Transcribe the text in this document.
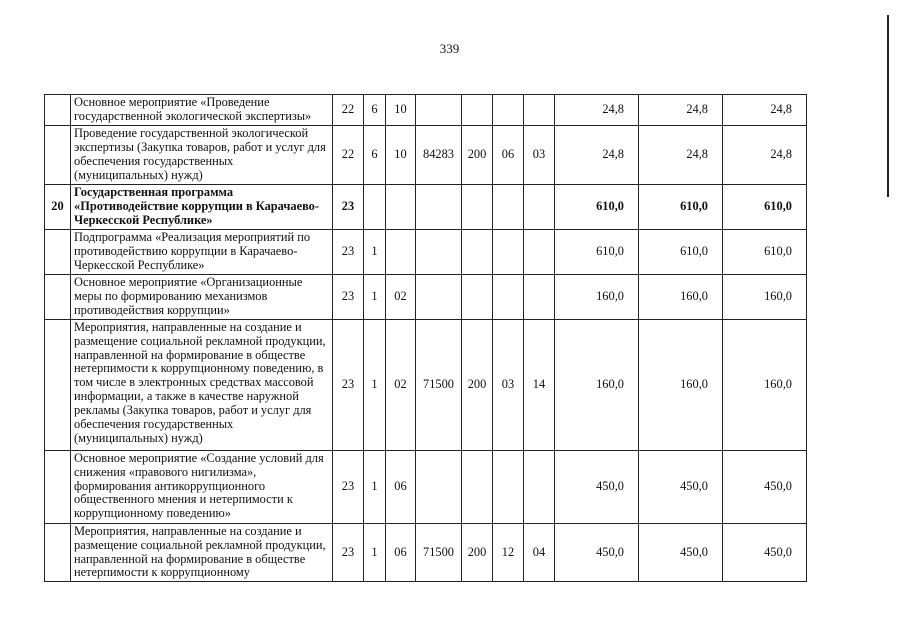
339
	Основное мероприятие «Проведение государственной экологической экспертизы»	22	6	10					24,8	24,8	24,8
	Проведение государственной экологической экспертизы (Закупка товаров, работ и услуг для обеспечения государственных (муниципальных) нужд)	22	6	10	84283	200	06	03	24,8	24,8	24,8
20	Государственная программа «Противодействие коррупции в Карачаево-Черкесской Республике»	23							610,0	610,0	610,0
	Подпрограмма «Реализация мероприятий по противодействию коррупции в Карачаево-Черкесской Республике»	23	1						610,0	610,0	610,0
	Основное мероприятие «Организационные меры по формированию механизмов противодействия коррупции»	23	1	02					160,0	160,0	160,0
	Мероприятия, направленные на создание и размещение социальной рекламной продукции, направленной на формирование в обществе нетерпимости к коррупционному поведению, в том числе в электронных средствах массовой информации, а также в качестве наружной рекламы (Закупка товаров, работ и услуг для обеспечения государственных (муниципальных) нужд)	23	1	02	71500	200	03	14	160,0	160,0	160,0
	Основное мероприятие «Создание условий для снижения «правового нигилизма», формирования антикоррупционного общественного мнения и нетерпимости к коррупционному поведению»	23	1	06					450,0	450,0	450,0
	Мероприятия, направленные на создание и размещение социальной рекламной продукции, направленной на формирование в обществе нетерпимости к коррупционному	23	1	06	71500	200	12	04	450,0	450,0	450,0
